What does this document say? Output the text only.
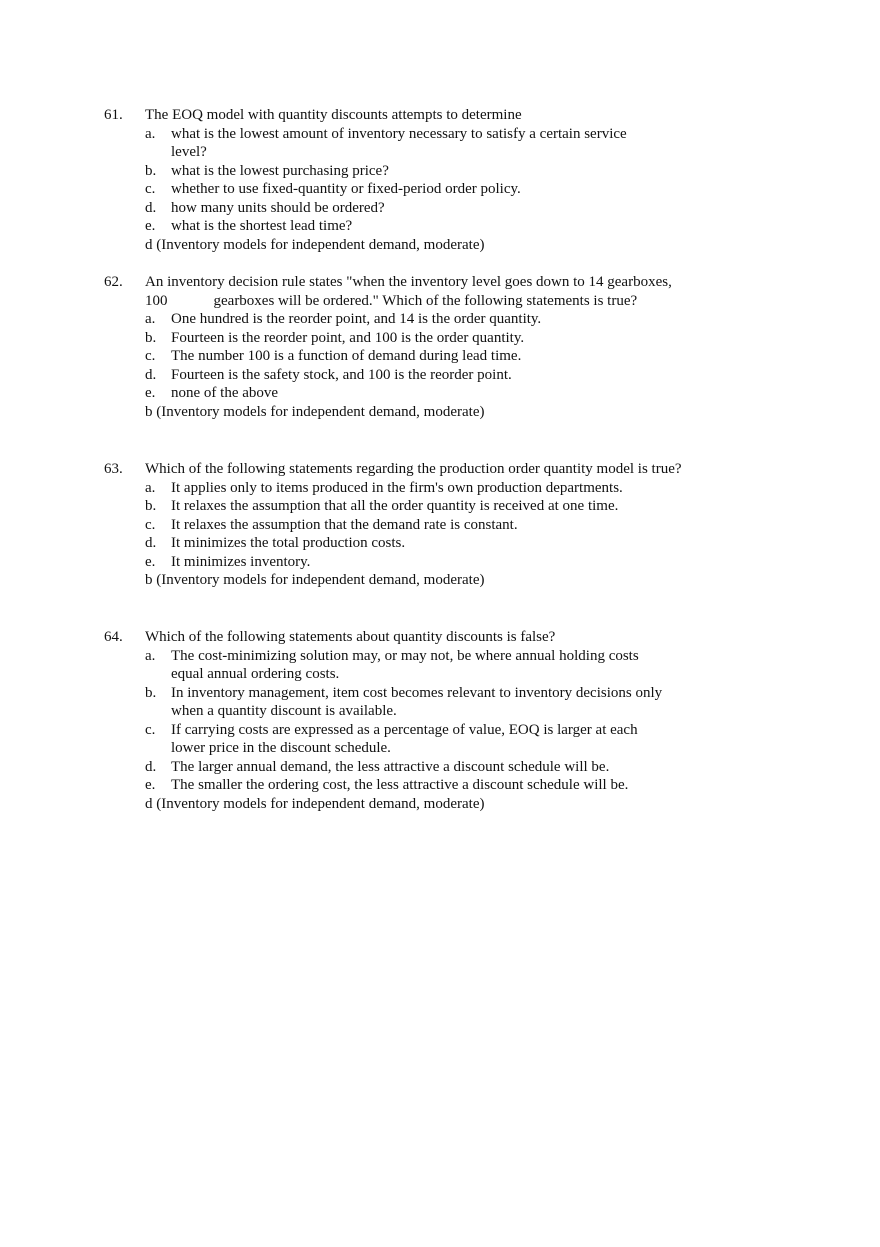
61.	The EOQ model with quantity discounts attempts to determine
a.	what is the lowest amount of inventory necessary to satisfy a certain service level?
b. what is the lowest purchasing price?
c.	whether to use fixed-quantity or fixed-period order policy.
d. how many units should be ordered?
e.	what is the shortest lead time?
d (Inventory models for independent demand, moderate)
62.	An inventory decision rule states "when the inventory level goes down to 14 gearboxes, 100	gearboxes will be ordered." Which of the following statements is true?
a.	One hundred is the reorder point, and 14 is the order quantity.
b. Fourteen is the reorder point, and 100 is the order quantity.
c.	The number 100 is a function of demand during lead time.
d. Fourteen is the safety stock, and 100 is the reorder point.
e.	none of the above
b (Inventory models for independent demand, moderate)
63.	Which of the following statements regarding the production order quantity model is true?
a.	It applies only to items produced in the firm's own production departments.
b. It relaxes the assumption that all the order quantity is received at one time.
c.	It relaxes the assumption that the demand rate is constant.
d. It minimizes the total production costs.
e.	It minimizes inventory.
b (Inventory models for independent demand, moderate)
64.	Which of the following statements about quantity discounts is false?
a.	The cost-minimizing solution may, or may not, be where annual holding costs equal annual ordering costs.
b. In inventory management, item cost becomes relevant to inventory decisions only when a quantity discount is available.
c.	If carrying costs are expressed as a percentage of value, EOQ is larger at each lower price in the discount schedule.
d. The larger annual demand, the less attractive a discount schedule will be.
e.	The smaller the ordering cost, the less attractive a discount schedule will be.
d (Inventory models for independent demand, moderate)
